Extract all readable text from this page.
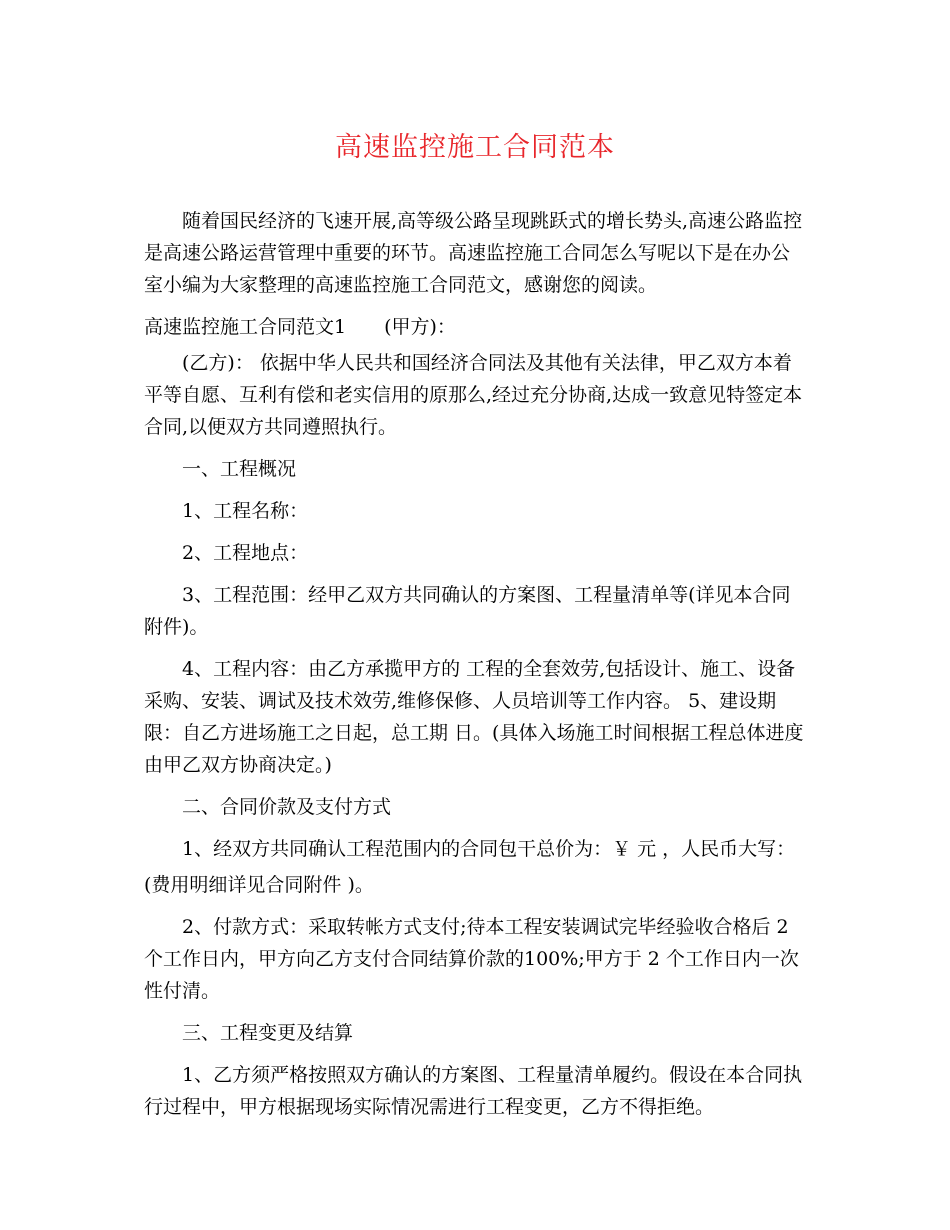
高速监控施工合同范本

随着国民经济的飞速开展,高等级公路呈现跳跃式的增长势头,高速公路监控是高速公路运营管理中重要的环节。高速监控施工合同怎么写呢以下是在办公室小编为大家整理的高速监控施工合同范文，感谢您的阅读。

高速监控施工合同范文1　　(甲方)：

(乙方)： 依据中华人民共和国经济合同法及其他有关法律，甲乙双方本着平等自愿、互利有偿和老实信用的原那么,经过充分协商,达成一致意见特签定本合同,以便双方共同遵照执行。

一、工程概况

1、工程名称：

2、工程地点：

3、工程范围：经甲乙双方共同确认的方案图、工程量清单等(详见本合同附件)。

4、工程内容：由乙方承揽甲方的 工程的全套效劳,包括设计、施工、设备采购、安装、调试及技术效劳,维修保修、人员培训等工作内容。 5、建设期限：自乙方进场施工之日起，总工期 日。(具体入场施工时间根据工程总体进度由甲乙双方协商决定。)

二、合同价款及支付方式

1、经双方共同确认工程范围内的合同包干总价为：￥ 元 ，人民币大写：

(费用明细详见合同附件 )。

2、付款方式：采取转帐方式支付;待本工程安装调试完毕经验收合格后 2 个工作日内，甲方向乙方支付合同结算价款的100%;甲方于 2 个工作日内一次性付清。

三、工程变更及结算

1、乙方须严格按照双方确认的方案图、工程量清单履约。假设在本合同执行过程中，甲方根据现场实际情况需进行工程变更，乙方不得拒绝。
